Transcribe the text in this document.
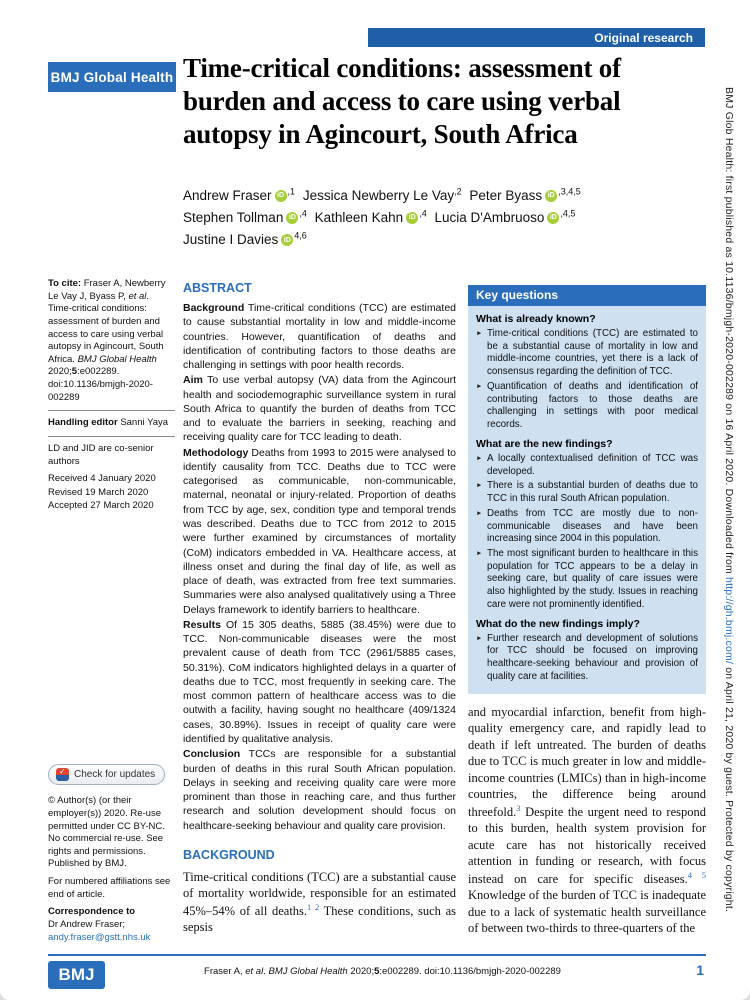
BMJ Glob Health: first published as 10.1136/bmjgh-2020-002289 on 16 April 2020. Downloaded from http://gh.bmj.com/ on April 21, 2020 by guest. Protected by copyright.
Original research
BMJ Global Health Time-critical conditions: assessment of burden and access to care using verbal autopsy in Agincourt, South Africa
Andrew Fraser iD $^{,1}$ Jessica Newberry Le Vay$^{,2}$ Peter Byass iD $^{,3,4,5}$
Stephen Tollman iD $^{,4}$ Kathleen Kahn iD $^{,4}$ Lucia D'Ambruoso iD $^{,4,5}$
Justine I Davies iD $^{4,6}$

To cite: Fraser A, Newberry Le Vay J, Byass P, et al. Time-critical conditions: assessment of burden and access to care using verbal autopsy in Agincourt, South Africa. BMJ Global Health 2020;5:e002289. doi:10.1136/bmjgh-2020-002289

Handling editor Sanni Yaya

LD and JID are co-senior authors

Received 4 January 2020

Revised 19 March 2020

Accepted 27 March 2020

✓
Check for updates

© Author(s) (or their employer(s)) 2020. Re-use permitted under CC BY-NC. No commercial re-use. See rights and permissions. Published by BMJ.

For numbered affiliations see end of article.

Correspondence to
Dr Andrew Fraser;
andy.fraser@gstt.nhs.uk

ABSTRACT

Background Time-critical conditions (TCC) are estimated to cause substantial mortality in low and middle-income countries. However, quantification of deaths and identification of contributing factors to those deaths are challenging in settings with poor health records.

Aim To use verbal autopsy (VA) data from the Agincourt health and sociodemographic surveillance system in rural South Africa to quantify the burden of deaths from TCC and to evaluate the barriers in seeking, reaching and receiving quality care for TCC leading to death.

Methodology Deaths from 1993 to 2015 were analysed to identify causality from TCC. Deaths due to TCC were categorised as communicable, non-communicable, maternal, neonatal or injury-related. Proportion of deaths from TCC by age, sex, condition type and temporal trends was described. Deaths due to TCC from 2012 to 2015 were further examined by circumstances of mortality (CoM) indicators embedded in VA. Healthcare access, at illness onset and during the final day of life, as well as place of death, was extracted from free text summaries. Summaries were also analysed qualitatively using a Three Delays framework to identify barriers to healthcare.

Results Of 15 305 deaths, 5885 (38.45%) were due to TCC. Non-communicable diseases were the most prevalent cause of death from TCC (2961/5885 cases, 50.31%). CoM indicators highlighted delays in a quarter of deaths due to TCC, most frequently in seeking care. The most common pattern of healthcare access was to die outwith a facility, having sought no healthcare (409/1324 cases, 30.89%). Issues in receipt of quality care were identified by qualitative analysis.

Conclusion TCCs are responsible for a substantial burden of deaths in this rural South African population. Delays in seeking and receiving quality care were more prominent than those in reaching care, and thus further research and solution development should focus on healthcare-seeking behaviour and quality care provision.

BACKGROUND

Time-critical conditions (TCC) are a substantial cause of mortality worldwide, responsible for an estimated 45%–54% of all deaths.$^{1 2}$ These conditions, such as sepsis

Key questions
What is already known?
► Time-critical conditions (TCC) are estimated to be a substantial cause of mortality in low and middle-income countries, yet there is a lack of consensus regarding the definition of TCC.
► Quantification of deaths and identification of contributing factors to those deaths are challenging in settings with poor medical records.
What are the new findings?
► A locally contextualised definition of TCC was developed.
► There is a substantial burden of deaths due to TCC in this rural South African population.
► Deaths from TCC are mostly due to non-communicable diseases and have been increasing since 2004 in this population.
► The most significant burden to healthcare in this population for TCC appears to be a delay in seeking care, but quality of care issues were also highlighted by the study. Issues in reaching care were not prominently identified.
What do the new findings imply?
► Further research and development of solutions for TCC should be focused on improving healthcare-seeking behaviour and provision of quality care at facilities.

and myocardial infarction, benefit from high-quality emergency care, and rapidly lead to death if left untreated. The burden of deaths due to TCC is much greater in low and middle-income countries (LMICs) than in high-income countries, the difference being around threefold.$^3$ Despite the urgent need to respond to this burden, health system provision for acute care has not historically received attention in funding or research, with focus instead on care for specific diseases.$^{4 5}$ Knowledge of the burden of TCC is inadequate due to a lack of systematic health surveillance of between two-thirds to three-quarters of the

BMJ	Fraser A, et al. BMJ Global Health 2020;5:e002289. doi:10.1136/bmjgh-2020-002289	1
